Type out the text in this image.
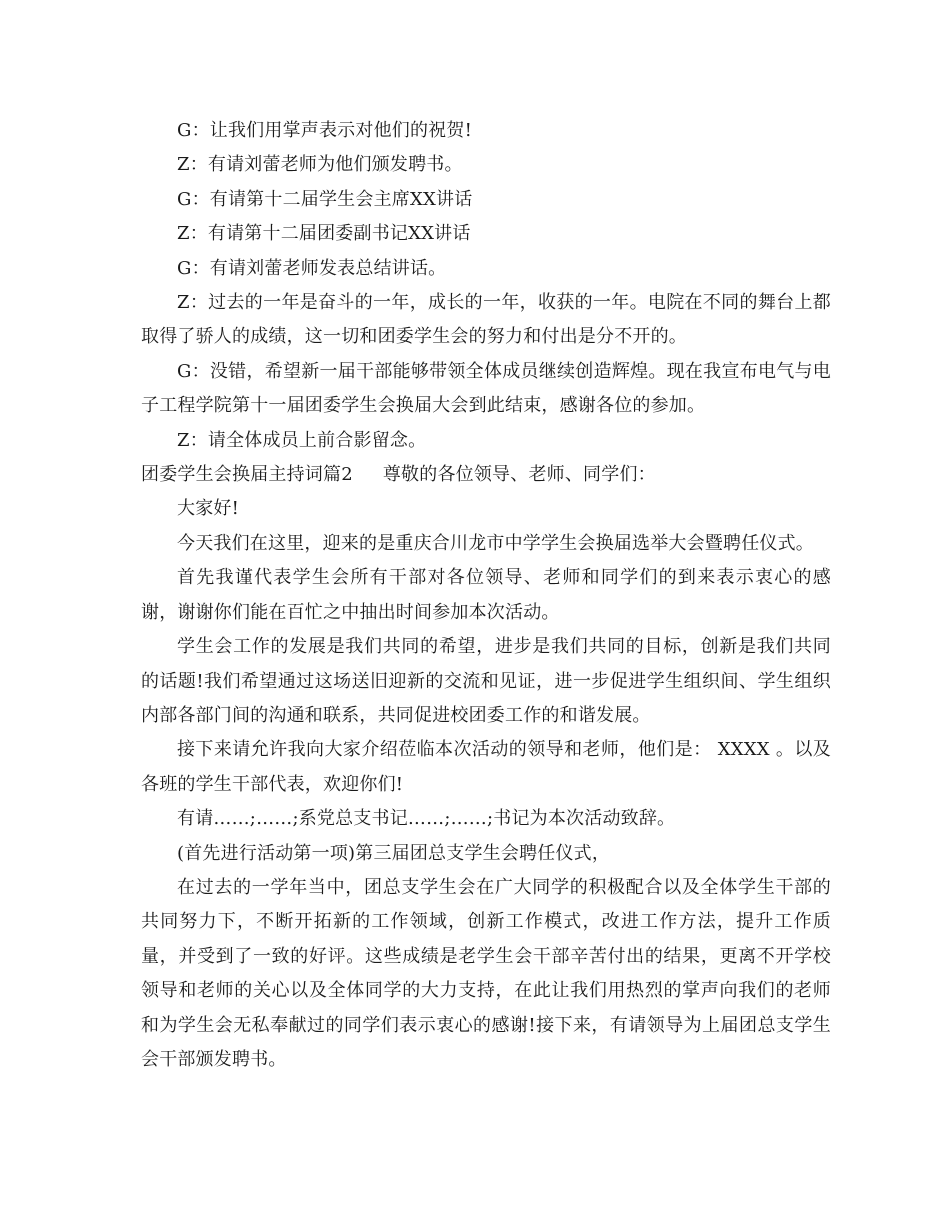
G：让我们用掌声表示对他们的祝贺!

Z：有请刘蕾老师为他们颁发聘书。

G：有请第十二届学生会主席XX讲话

Z：有请第十二届团委副书记XX讲话

G：有请刘蕾老师发表总结讲话。

Z：过去的一年是奋斗的一年，成长的一年，收获的一年。电院在不同的舞台上都取得了骄人的成绩，这一切和团委学生会的努力和付出是分不开的。

G：没错，希望新一届干部能够带领全体成员继续创造辉煌。现在我宣布电气与电子工程学院第十一届团委学生会换届大会到此结束，感谢各位的参加。

Z：请全体成员上前合影留念。

团委学生会换届主持词篇2 尊敬的各位领导、老师、同学们：

大家好!

今天我们在这里，迎来的是重庆合川龙市中学学生会换届选举大会暨聘任仪式。

首先我谨代表学生会所有干部对各位领导、老师和同学们的到来表示衷心的感谢，谢谢你们能在百忙之中抽出时间参加本次活动。

学生会工作的发展是我们共同的希望，进步是我们共同的目标，创新是我们共同的话题!我们希望通过这场送旧迎新的交流和见证，进一步促进学生组织间、学生组织内部各部门间的沟通和联系，共同促进校团委工作的和谐发展。

接下来请允许我向大家介绍莅临本次活动的领导和老师，他们是： XXXX 。以及各班的学生干部代表，欢迎你们!

有请……;……;系党总支书记……;……;书记为本次活动致辞。

(首先进行活动第一项)第三届团总支学生会聘任仪式，

在过去的一学年当中，团总支学生会在广大同学的积极配合以及全体学生干部的共同努力下，不断开拓新的工作领域，创新工作模式，改进工作方法，提升工作质量，并受到了一致的好评。这些成绩是老学生会干部辛苦付出的结果，更离不开学校领导和老师的关心以及全体同学的大力支持，在此让我们用热烈的掌声向我们的老师和为学生会无私奉献过的同学们表示衷心的感谢!接下来，有请领导为上届团总支学生会干部颁发聘书。
